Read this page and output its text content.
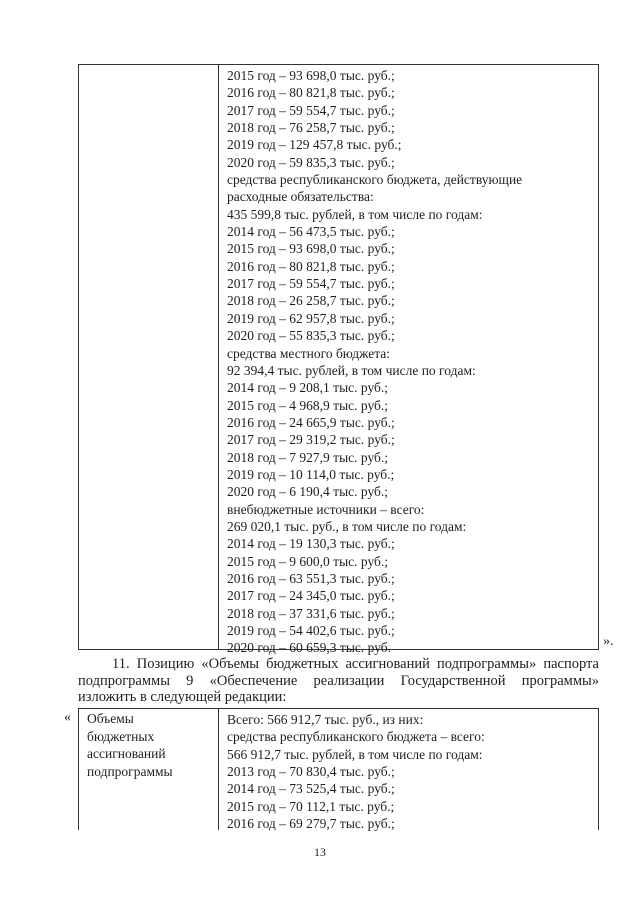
2015 год – 93 698,0 тыс. руб.;
2016 год – 80 821,8 тыс. руб.;
2017 год – 59 554,7 тыс. руб.;
2018 год – 76 258,7 тыс. руб.;
2019 год – 129 457,8 тыс. руб.;
2020 год – 59 835,3 тыс. руб.;
средства республиканского бюджета, действующие
расходные обязательства:
435 599,8 тыс. рублей, в том числе по годам:
2014 год – 56 473,5 тыс. руб.;
2015 год – 93 698,0 тыс. руб.;
2016 год – 80 821,8 тыс. руб.;
2017 год – 59 554,7 тыс. руб.;
2018 год – 26 258,7 тыс. руб.;
2019 год – 62 957,8 тыс. руб.;
2020 год – 55 835,3 тыс. руб.;
средства местного бюджета:
92 394,4 тыс. рублей, в том числе по годам:
2014 год – 9 208,1 тыс. руб.;
2015 год – 4 968,9 тыс. руб.;
2016 год – 24 665,9 тыс. руб.;
2017 год – 29 319,2 тыс. руб.;
2018 год – 7 927,9 тыс. руб.;
2019 год – 10 114,0 тыс. руб.;
2020 год – 6 190,4 тыс. руб.;
внебюджетные источники – всего:
269 020,1 тыс. руб., в том числе по годам:
2014 год – 19 130,3 тыс. руб.;
2015 год – 9 600,0 тыс. руб.;
2016 год – 63 551,3 тыс. руб.;
2017 год – 24 345,0 тыс. руб.;
2018 год – 37 331,6 тыс. руб.;
2019 год – 54 402,6 тыс. руб.;
2020 год – 60 659,3 тыс. руб.	».
11. Позицию «Объемы бюджетных ассигнований подпрограммы» паспорта
подпрограммы 9 «Обеспечение реализации Государственной программы»
изложить в следующей редакции:
« Объемы
бюджетных
ассигнований
подпрограммы
Всего: 566 912,7 тыс. руб., из них:
средства республиканского бюджета – всего:
566 912,7 тыс. рублей, в том числе по годам:
2013 год – 70 830,4 тыс. руб.;
2014 год – 73 525,4 тыс. руб.;
2015 год – 70 112,1 тыс. руб.;
2016 год – 69 279,7 тыс. руб.;
13
